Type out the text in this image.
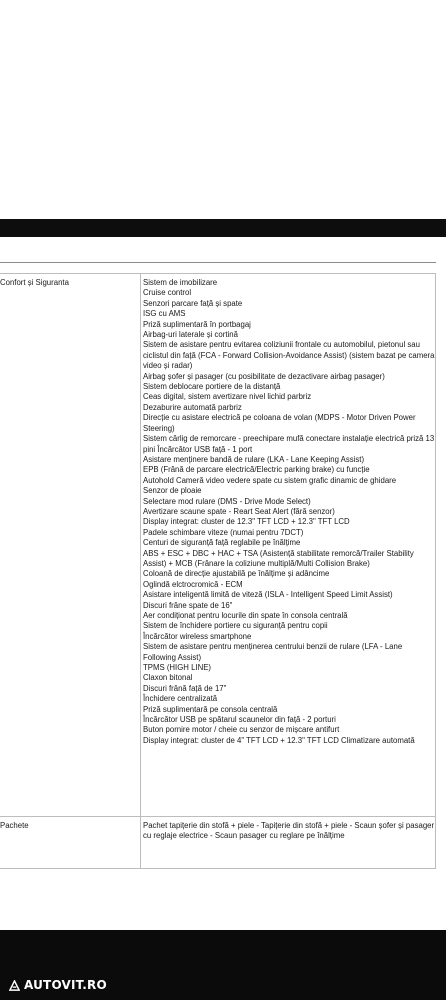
Confort și Siguranta	Sistem de imobilizare
Cruise control
Senzori parcare față și spate
ISG cu AMS
Priză suplimentară în portbagaj
Airbag-uri laterale și cortină
Sistem de asistare pentru evitarea coliziunii frontale cu automobilul, pietonul sau ciclistul din față (FCA - Forward Collision-Avoidance Assist) (sistem bazat pe camera video și radar)
Airbag șofer și pasager (cu posibilitate de dezactivare airbag pasager)
Sistem deblocare portiere de la distanță
Ceas digital, sistem avertizare nivel lichid parbriz
Dezaburire automată parbriz
Direcție cu asistare electrică pe coloana de volan (MDPS - Motor Driven Power Steering)
Sistem cârlig de remorcare - preechipare mufă conectare instalație electrică priză 13 pini Încărcător USB față - 1 port
Asistare menținere bandă de rulare (LKA - Lane Keeping Assist)
EPB (Frână de parcare electrică/Electric parking brake) cu funcție
Autohold Cameră video vedere spate cu sistem grafic dinamic de ghidare
Senzor de ploaie
Selectare mod rulare (DMS - Drive Mode Select)
Avertizare scaune spate - Reart Seat Alert (fără senzor)
Display integrat: cluster de 12.3" TFT LCD + 12.3" TFT LCD
Padele schimbare viteze (numai pentru 7DCT)
Centuri de siguranță față reglabile pe înălțime
ABS + ESC + DBC + HAC + TSA (Asistență stabilitate remorcă/Trailer Stability Assist) + MCB (Frânare la coliziune multiplă/Multi Collision Brake)
Coloană de direcție ajustabilă pe înălțime și adâncime
Oglindă elctrocromică - ECM
Asistare inteligentă limită de viteză (ISLA - Intelligent Speed Limit Assist)
Discuri frâne spate de 16"
Aer condiționat pentru locurile din spate în consola centrală
Sistem de închidere portiere cu siguranță pentru copii
Încărcător wireless smartphone
Sistem de asistare pentru menținerea centrului benzii de rulare (LFA - Lane Following Assist)
TPMS (HIGH LINE)
Claxon bitonal
Discuri frână față de 17"
Închidere centralizată
Priză suplimentară pe consola centrală
Încărcător USB pe spătarul scaunelor din față - 2 porturi
Buton pornire motor / cheie cu senzor de mișcare antifurt
Display integrat: cluster de 4" TFT LCD + 12.3" TFT LCD Climatizare automată
Pachete	Pachet tapițerie din stofă + piele - Tapițerie din stofă + piele - Scaun șofer și pasager cu reglaje electrice - Scaun pasager cu reglare pe înălțime
AUTOVIT.RO
